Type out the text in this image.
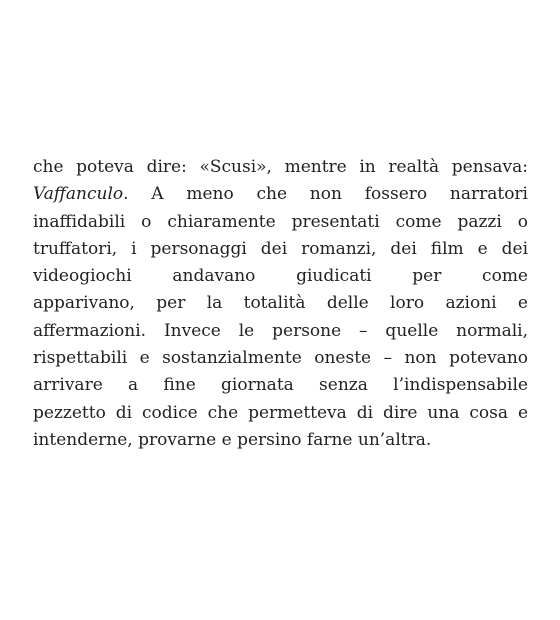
che poteva dire: «Scusi», mentre in realtà pensava:
Vaffanculo. A meno che non fossero narratori
inaffidabili o chiaramente presentati come pazzi o
truffatori, i personaggi dei romanzi, dei film e dei
videogiochi andavano giudicati per come
apparivano, per la totalità delle loro azioni e
affermazioni. Invece le persone – quelle normali,
rispettabili e sostanzialmente oneste – non potevano
arrivare a fine giornata senza l’indispensabile
pezzetto di codice che permetteva di dire una cosa e
intenderne, provarne e persino farne un’altra.
